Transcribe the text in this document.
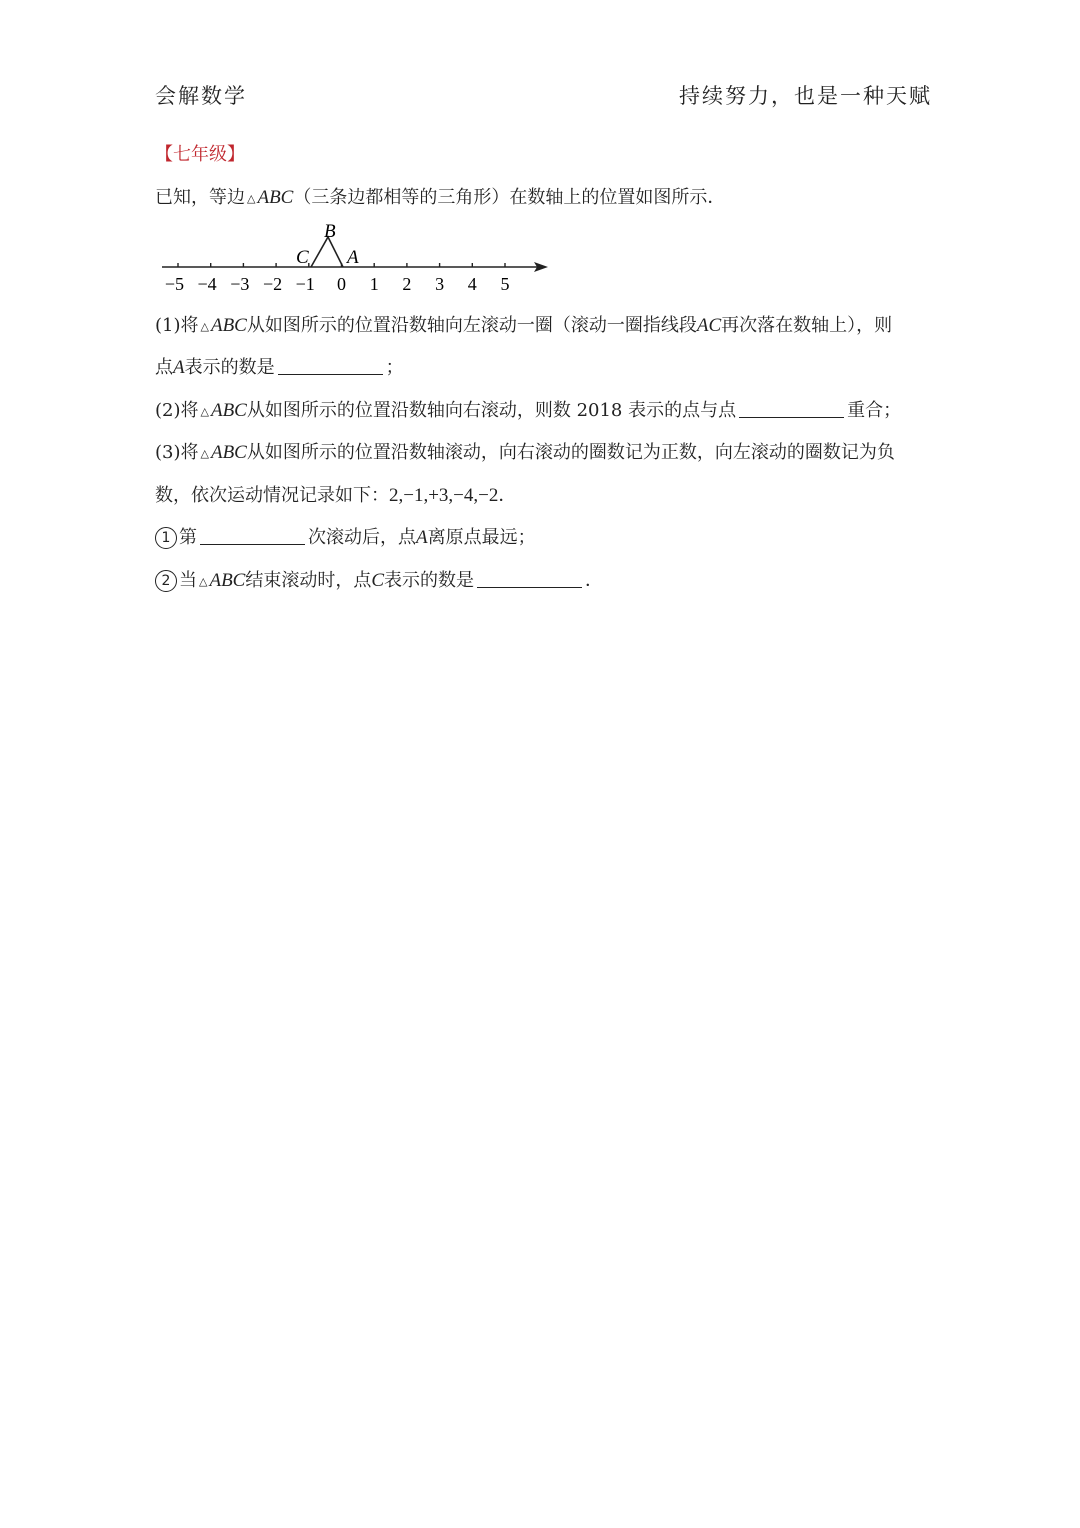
会解数学	持续努力，也是一种天赋
【七年级】
已知，等边 △ ABC（三条边都相等的三角形）在数轴上的位置如图所示．
−5 −4 −3 −2 −1 0 1 2 3 4 5
B
C A
(1)将 △ ABC从如图所示的位置沿数轴向左滚动一圈（滚动一圈指线段AC再次落在数轴上），则
点A表示的数是	；
(2)将 △ ABC从如图所示的位置沿数轴向右滚动，则数 2018 表示的点与点	重合；
(3)将 △ ABC从如图所示的位置沿数轴滚动，向右滚动的圈数记为正数，向左滚动的圈数记为负
数，依次运动情况记录如下：2,−1,+3,−4,−2．
1 第	次滚动后，点A离原点最远；
2 当 △ ABC结束滚动时，点C表示的数是	．
